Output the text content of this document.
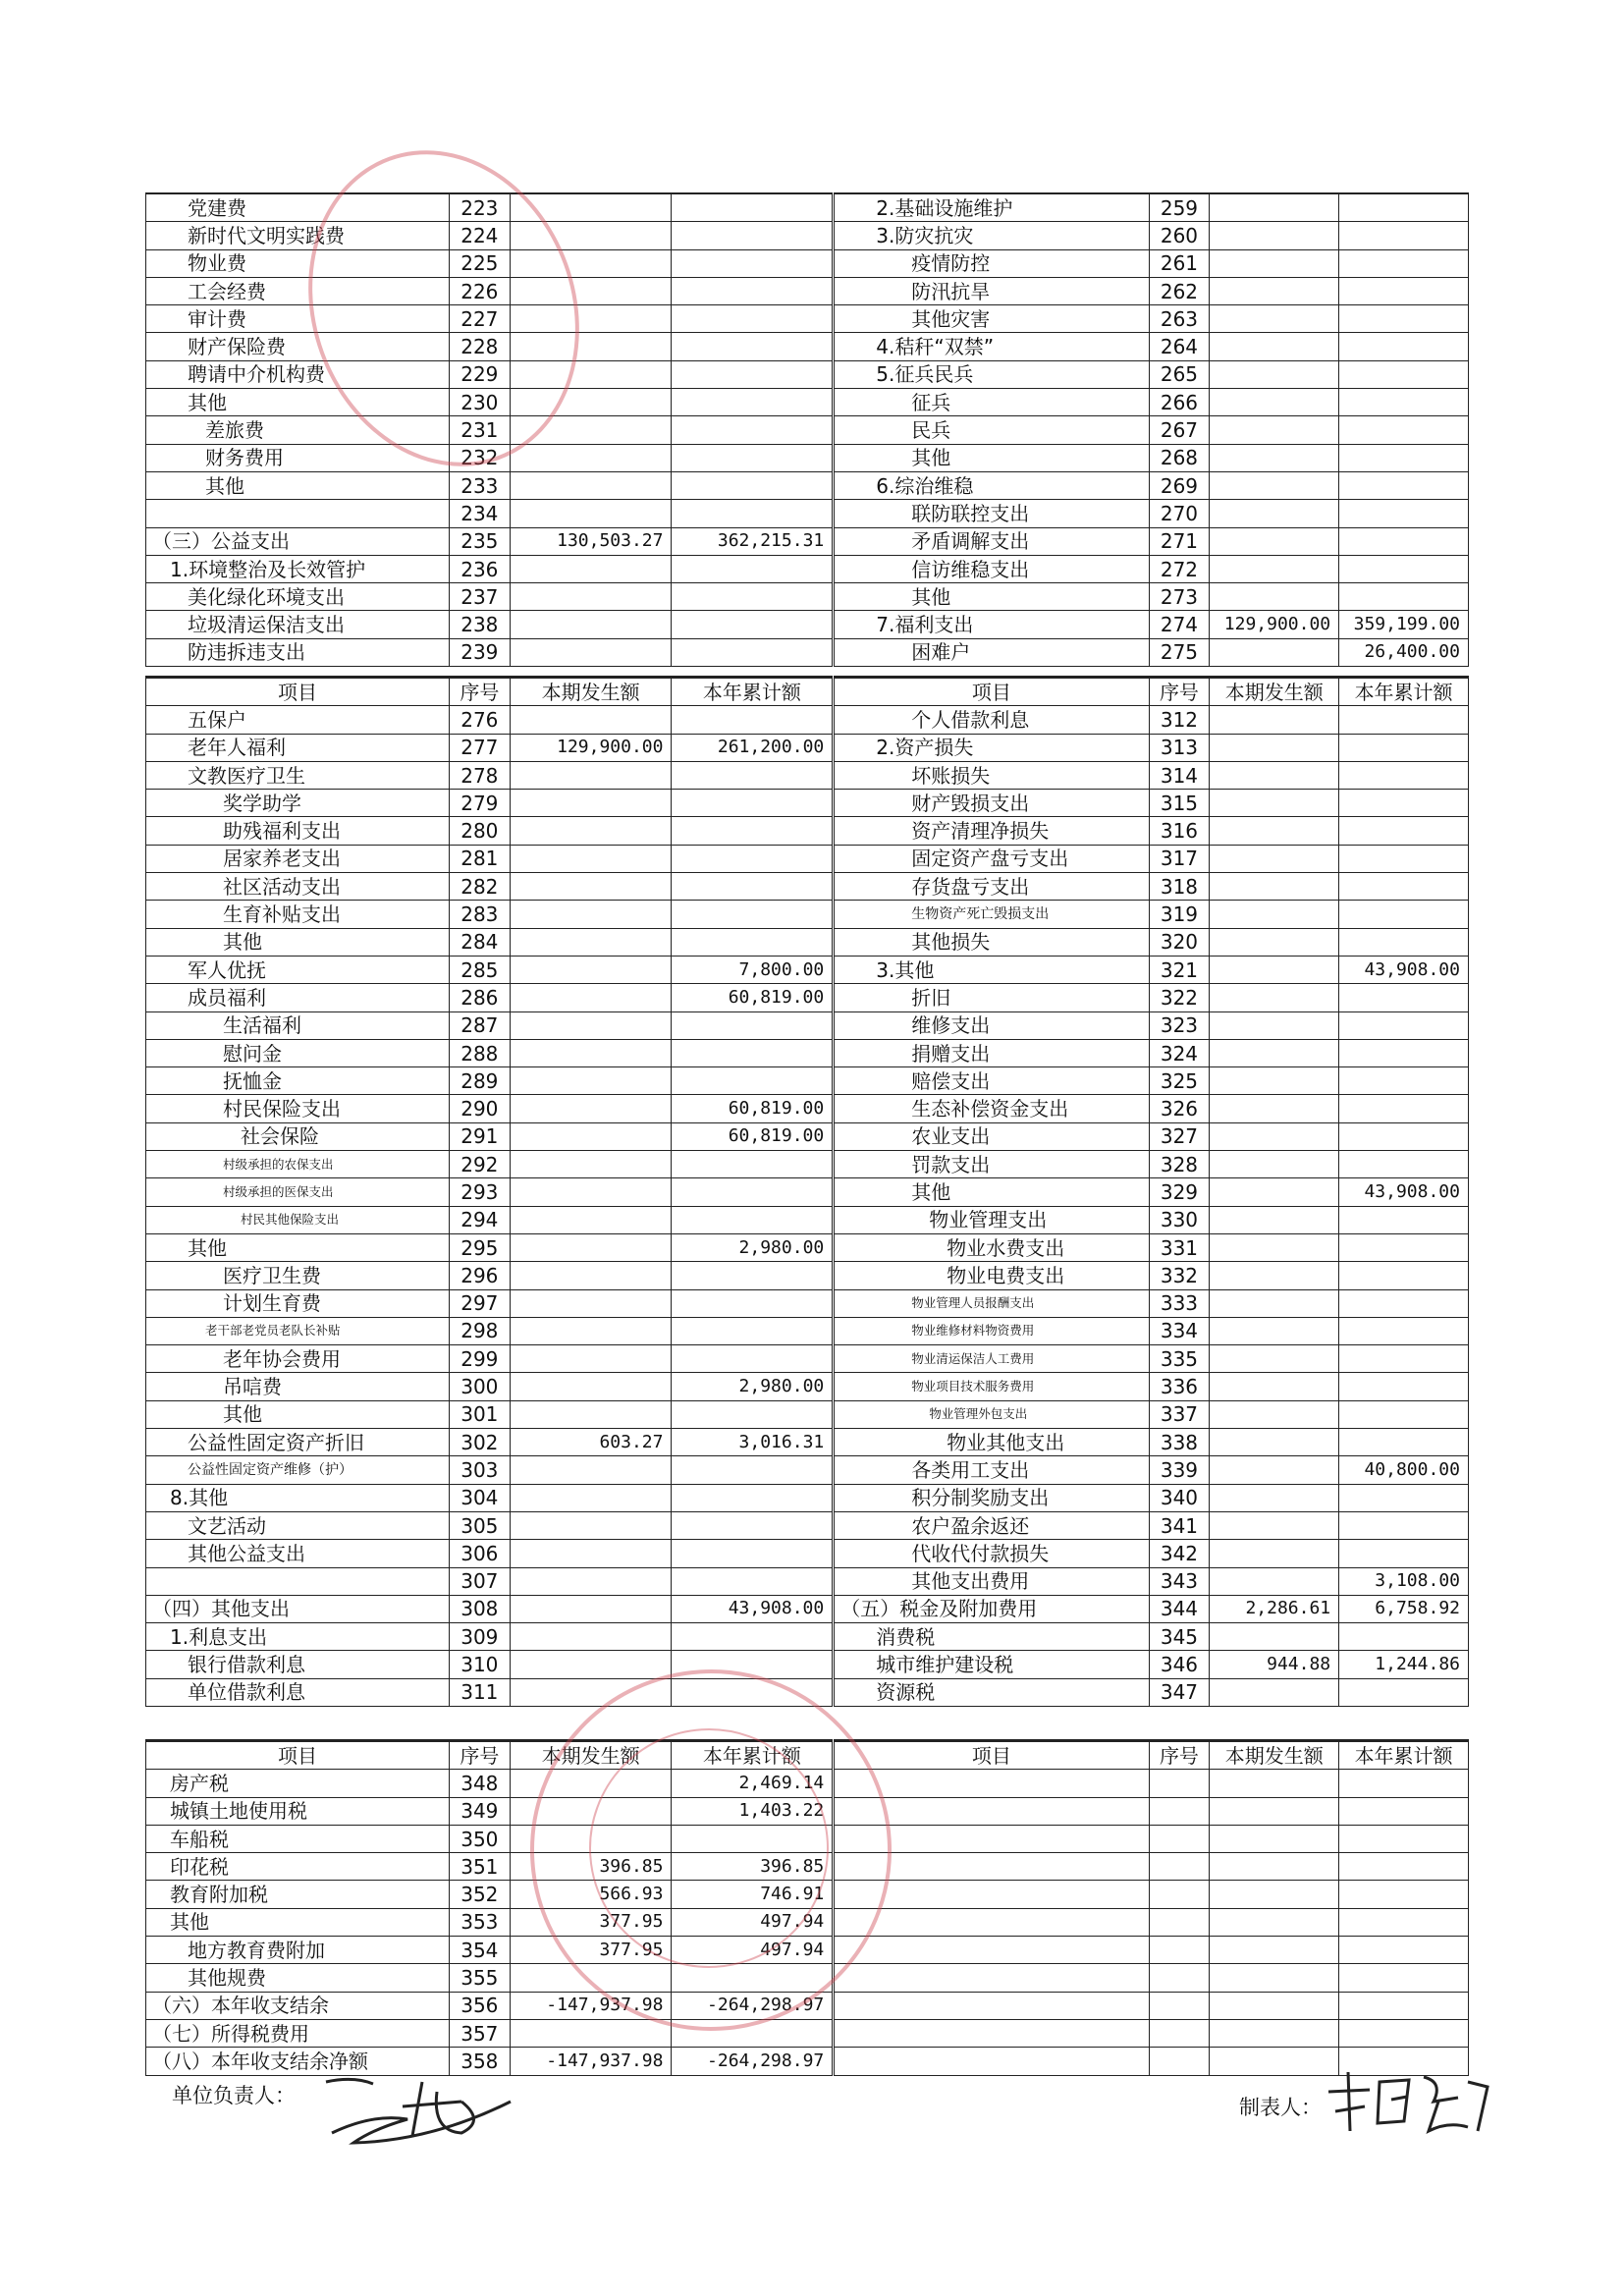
党建费	223			2.基础设施维护	259		
新时代文明实践费	224			3.防灾抗灾	260		
物业费	225			疫情防控	261		
工会经费	226			防汛抗旱	262		
审计费	227			其他灾害	263		
财产保险费	228			4.秸秆“双禁”	264		
聘请中介机构费	229			5.征兵民兵	265		
其他	230			征兵	266		
差旅费	231			民兵	267		
财务费用	232			其他	268		
其他	233			6.综治维稳	269		
	234			联防联控支出	270		
（三）公益支出	235	130,503.27	362,215.31	矛盾调解支出	271		
1.环境整治及长效管护	236			信访维稳支出	272		
美化绿化环境支出	237			其他	273		
垃圾清运保洁支出	238			7.福利支出	274	129,900.00	359,199.00
防违拆违支出	239			困难户	275		26,400.00
项目	序号	本期发生额	本年累计额	项目	序号	本期发生额	本年累计额
五保户	276			个人借款利息	312		
老年人福利	277	129,900.00	261,200.00	2.资产损失	313		
文教医疗卫生	278			坏账损失	314		
奖学助学	279			财产毁损支出	315		
助残福利支出	280			资产清理净损失	316		
居家养老支出	281			固定资产盘亏支出	317		
社区活动支出	282			存货盘亏支出	318		
生育补贴支出	283			生物资产死亡毁损支出	319		
其他	284			其他损失	320		
军人优抚	285		7,800.00	3.其他	321		43,908.00
成员福利	286		60,819.00	折旧	322		
生活福利	287			维修支出	323		
慰问金	288			捐赠支出	324		
抚恤金	289			赔偿支出	325		
村民保险支出	290		60,819.00	生态补偿资金支出	326		
社会保险	291		60,819.00	农业支出	327		
村级承担的农保支出	292			罚款支出	328		
村级承担的医保支出	293			其他	329		43,908.00
村民其他保险支出	294			物业管理支出	330		
其他	295		2,980.00	物业水费支出	331		
医疗卫生费	296			物业电费支出	332		
计划生育费	297			物业管理人员报酬支出	333		
老干部老党员老队长补贴	298			物业维修材料物资费用	334		
老年协会费用	299			物业清运保洁人工费用	335		
吊唁费	300		2,980.00	物业项目技术服务费用	336		
其他	301			物业管理外包支出	337		
公益性固定资产折旧	302	603.27	3,016.31	物业其他支出	338		
公益性固定资产维修（护）	303			各类用工支出	339		40,800.00
8.其他	304			积分制奖励支出	340		
文艺活动	305			农户盈余返还	341		
其他公益支出	306			代收代付款损失	342		
	307			其他支出费用	343		3,108.00
（四）其他支出	308		43,908.00	（五）税金及附加费用	344	2,286.61	6,758.92
1.利息支出	309			消费税	345		
银行借款利息	310			城市维护建设税	346	944.88	1,244.86
单位借款利息	311			资源税	347		
项目	序号	本期发生额	本年累计额	项目	序号	本期发生额	本年累计额
房产税	348		2,469.14				
城镇土地使用税	349		1,403.22				
车船税	350						
印花税	351	396.85	396.85				
教育附加税	352	566.93	746.91				
其他	353	377.95	497.94				
地方教育费附加	354	377.95	497.94				
其他规费	355						
（六）本年收支结余	356	-147,937.98	-264,298.97				
（七）所得税费用	357						
（八）本年收支结余净额	358	-147,937.98	-264,298.97				
单位负责人：	制表人：
